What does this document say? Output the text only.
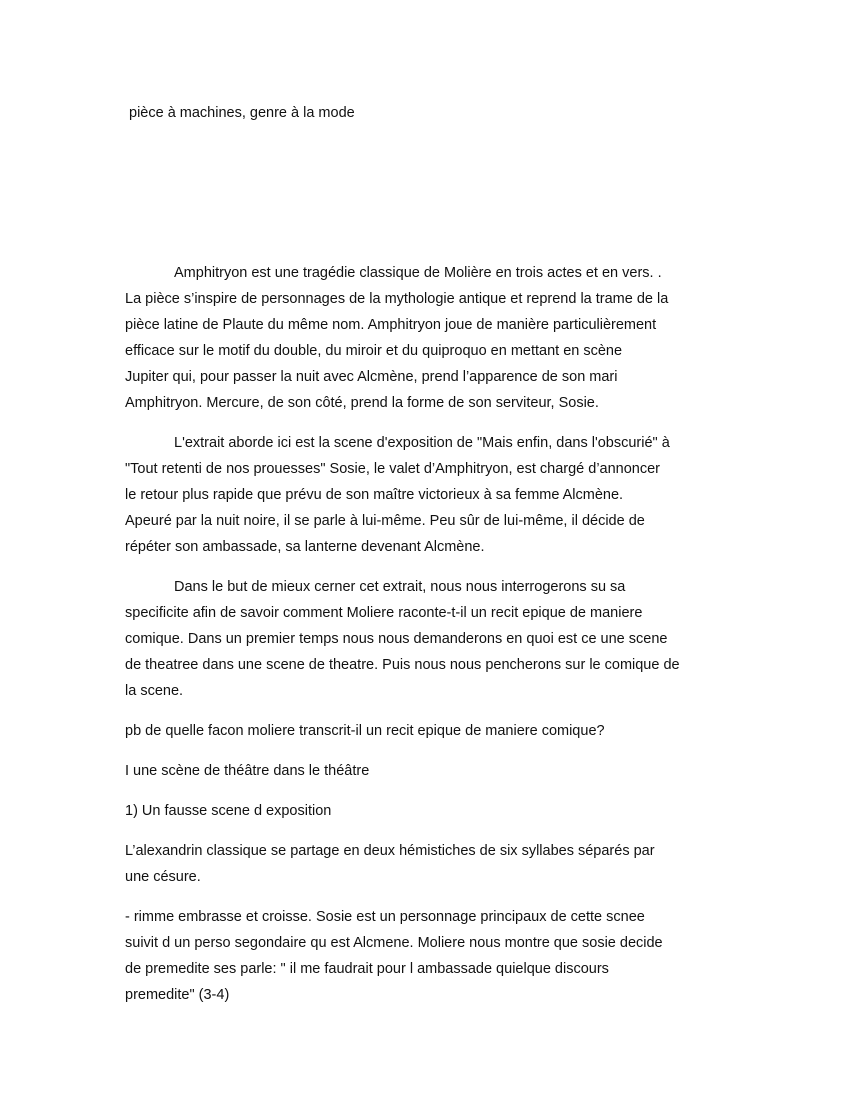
pièce à machines, genre à la mode
Amphitryon est une tragédie classique de Molière en trois actes et en vers. .
La pièce s’inspire de personnages de la mythologie antique et reprend la trame de la
pièce latine de Plaute du même nom. Amphitryon joue de manière particulièrement
efficace sur le motif du double, du miroir et du quiproquo en mettant en scène
Jupiter qui, pour passer la nuit avec Alcmène, prend l’apparence de son mari
Amphitryon. Mercure, de son côté, prend la forme de son serviteur, Sosie.
L'extrait aborde ici est la scene d'exposition de "Mais enfin, dans l'obscurié" à
"Tout retenti de nos prouesses" Sosie, le valet d’Amphitryon, est chargé d’annoncer
le retour plus rapide que prévu de son maître victorieux à sa femme Alcmène.
Apeuré par la nuit noire, il se parle à lui-même. Peu sûr de lui-même, il décide de
répéter son ambassade, sa lanterne devenant Alcmène.
Dans le but de mieux cerner cet extrait, nous nous interrogerons su sa
specificite afin de savoir comment Moliere raconte-t-il un recit epique de maniere
comique. Dans un premier temps nous nous demanderons en quoi est ce une scene
de theatree dans une scene de theatre. Puis nous nous pencherons sur le comique de
la scene.
pb de quelle facon moliere transcrit-il un recit epique de maniere comique?
I une scène de théâtre dans le théâtre
1) Un fausse scene d exposition
L’alexandrin classique se partage en deux hémistiches de six syllabes séparés par
une césure.
- rimme embrasse et croisse. Sosie est un personnage principaux de cette scnee
suivit d un perso segondaire qu est Alcmene. Moliere nous montre que sosie decide
de premedite ses parle: " il me faudrait pour l ambassade quielque discours
premedite" (3-4)
